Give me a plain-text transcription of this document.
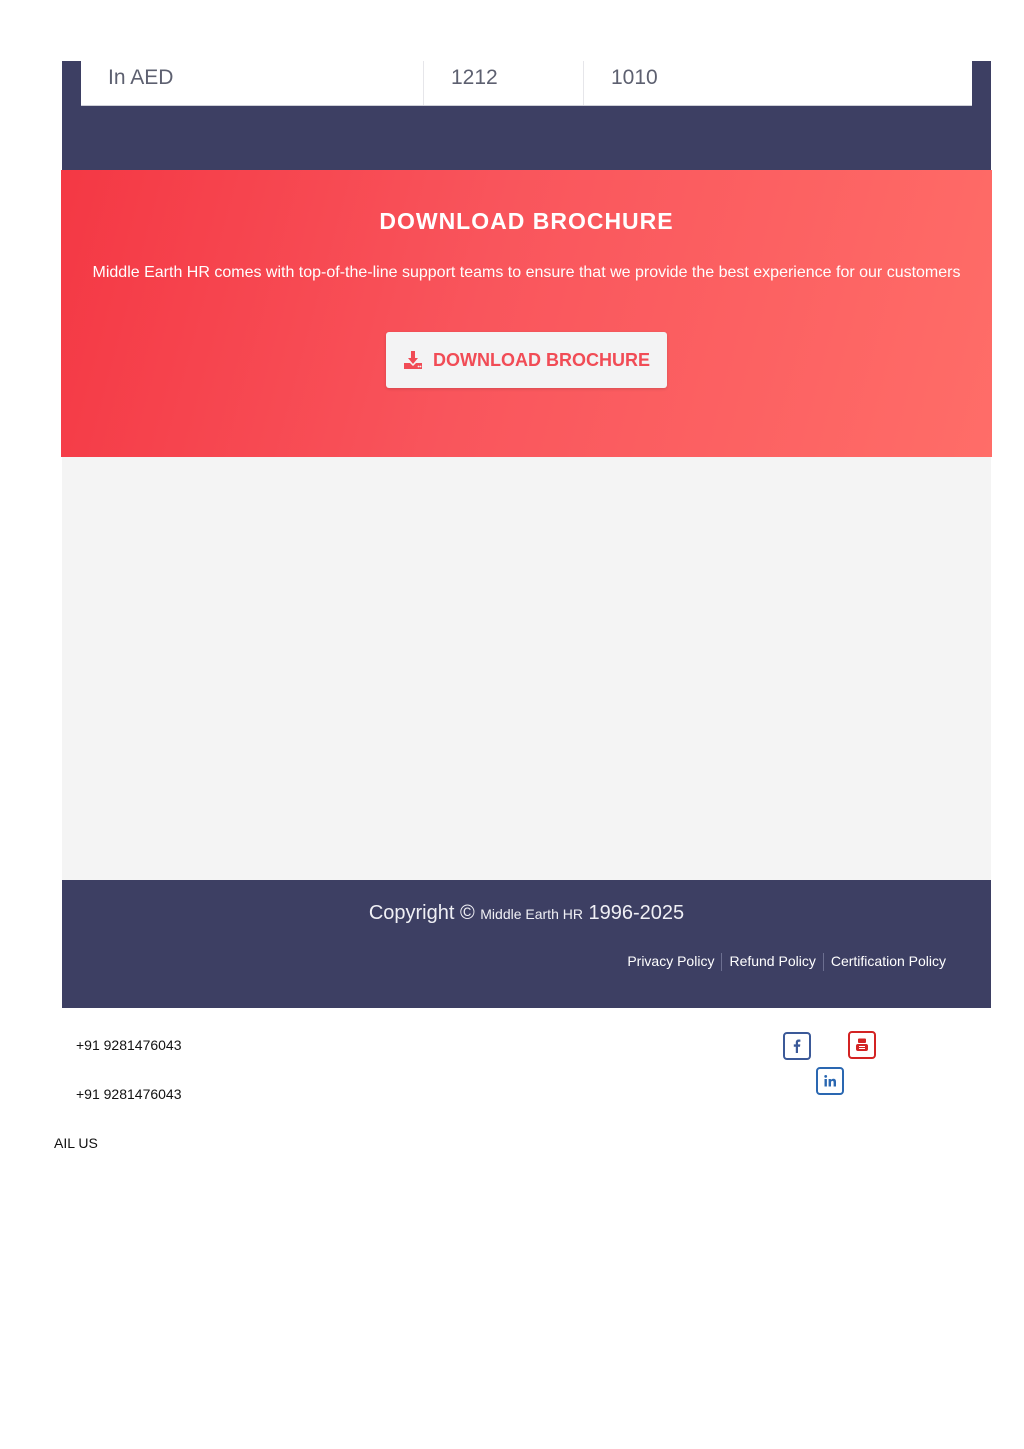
In AED	1212	1010
DOWNLOAD BROCHURE

Middle Earth HR comes with top-of-the-line support teams to ensure that we provide the best experience for our customers

DOWNLOAD BROCHURE
Copyright © Middle Earth HR 1996-2025
Privacy Policy	Refund Policy	Certification Policy
+91 9281476043
+91 9281476043
AIL US
